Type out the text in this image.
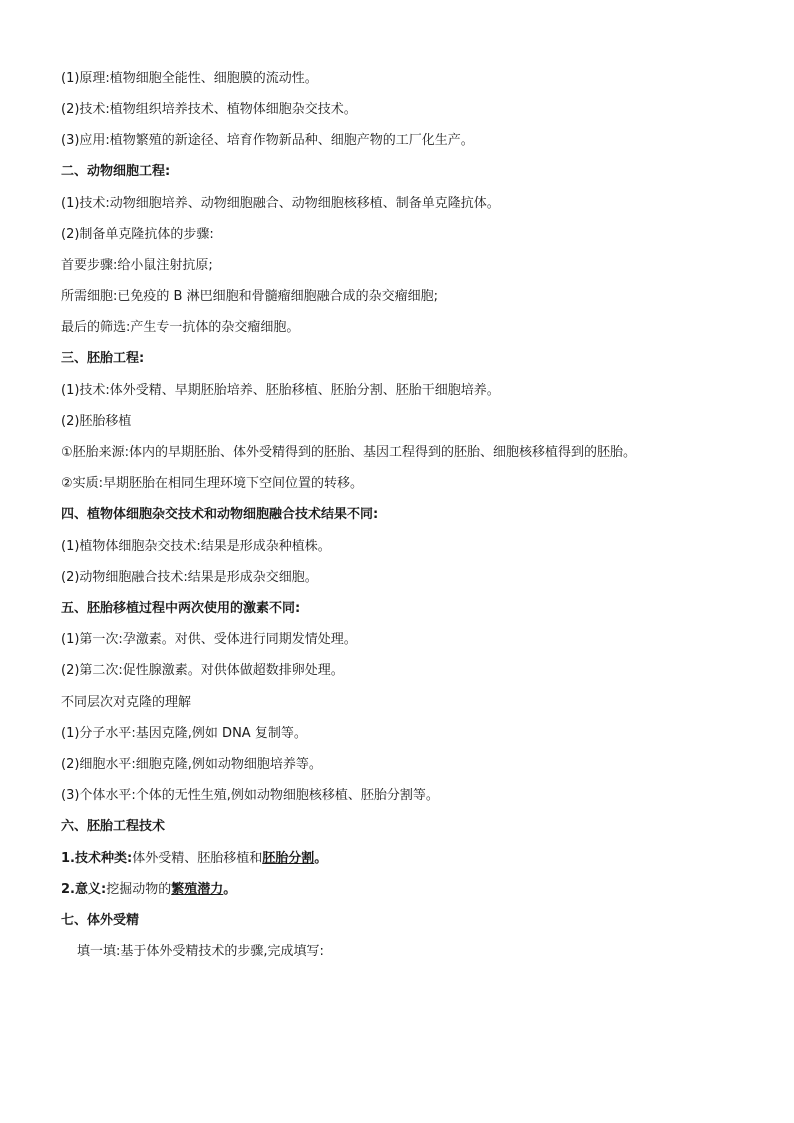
(1)原理:植物细胞全能性、细胞膜的流动性。
(2)技术:植物组织培养技术、植物体细胞杂交技术。
(3)应用:植物繁殖的新途径、培育作物新品种、细胞产物的工厂化生产。
二、动物细胞工程:
(1)技术:动物细胞培养、动物细胞融合、动物细胞核移植、制备单克隆抗体。
(2)制备单克隆抗体的步骤:
首要步骤:给小鼠注射抗原;
所需细胞:已免疫的 B 淋巴细胞和骨髓瘤细胞融合成的杂交瘤细胞;
最后的筛选:产生专一抗体的杂交瘤细胞。
三、胚胎工程:
(1)技术:体外受精、早期胚胎培养、胚胎移植、胚胎分割、胚胎干细胞培养。
(2)胚胎移植
①胚胎来源:体内的早期胚胎、体外受精得到的胚胎、基因工程得到的胚胎、细胞核移植得到的胚胎。
②实质:早期胚胎在相同生理环境下空间位置的转移。
四、植物体细胞杂交技术和动物细胞融合技术结果不同:
(1)植物体细胞杂交技术:结果是形成杂种植株。
(2)动物细胞融合技术:结果是形成杂交细胞。
五、胚胎移植过程中两次使用的激素不同:
(1)第一次:孕激素。对供、受体进行同期发情处理。
(2)第二次:促性腺激素。对供体做超数排卵处理。
不同层次对克隆的理解
(1)分子水平:基因克隆,例如 DNA 复制等。
(2)细胞水平:细胞克隆,例如动物细胞培养等。
(3)个体水平:个体的无性生殖,例如动物细胞核移植、胚胎分割等。
六、胚胎工程技术
1.技术种类:体外受精、胚胎移植和胚胎分割。
2.意义:挖掘动物的繁殖潜力。
七、体外受精
填一填:基于体外受精技术的步骤,完成填写:
